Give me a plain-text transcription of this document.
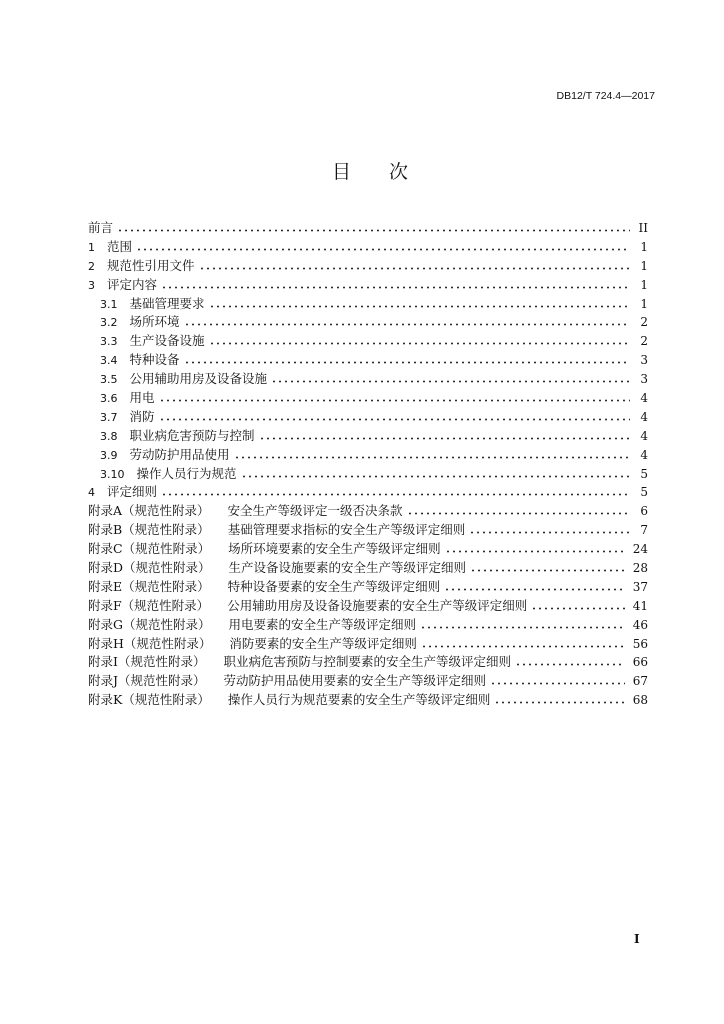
DB12/T 724.4—2017
目　　次
前言	II
1 范围	1
2 规范性引用文件	1
3 评定内容	1
3.1 基础管理要求	1
3.2 场所环境	2
3.3 生产设备设施	2
3.4 特种设备	3
3.5 公用辅助用房及设备设施	3
3.6 用电	4
3.7 消防	4
3.8 职业病危害预防与控制	4
3.9 劳动防护用品使用	4
3.10 操作人员行为规范	5
4 评定细则	5
附录A（规范性附录） 安全生产等级评定一级否决条款	6
附录B（规范性附录） 基础管理要求指标的安全生产等级评定细则	7
附录C（规范性附录） 场所环境要素的安全生产等级评定细则	24
附录D（规范性附录） 生产设备设施要素的安全生产等级评定细则	28
附录E（规范性附录） 特种设备要素的安全生产等级评定细则	37
附录F（规范性附录） 公用辅助用房及设备设施要素的安全生产等级评定细则	41
附录G（规范性附录） 用电要素的安全生产等级评定细则	46
附录H（规范性附录） 消防要素的安全生产等级评定细则	56
附录I（规范性附录） 职业病危害预防与控制要素的安全生产等级评定细则	66
附录J（规范性附录） 劳动防护用品使用要素的安全生产等级评定细则	67
附录K（规范性附录） 操作人员行为规范要素的安全生产等级评定细则	68
I
